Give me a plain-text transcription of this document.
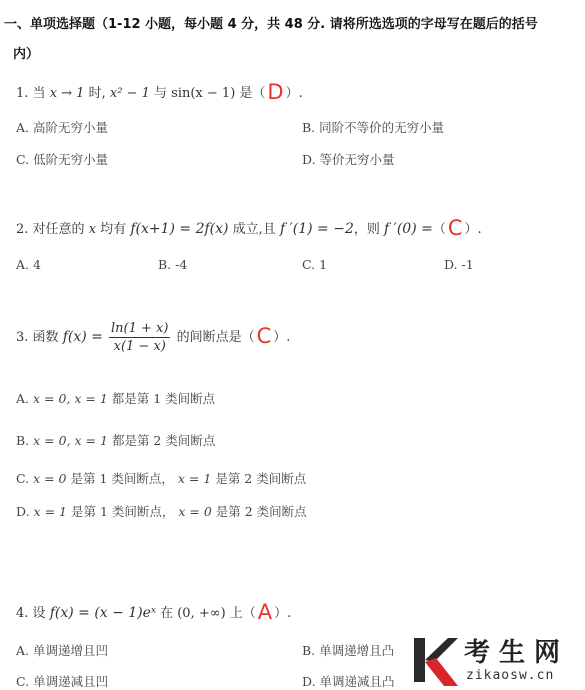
一、单项选择题（1-12 小题，每小题 4 分，共 48 分. 请将所选选项的字母写在题后的括号
内）
1. 当 x → 1 时, x² − 1 与 sin(x − 1) 是（D ）.
A. 高阶无穷小量	B. 同阶不等价的无穷小量
C. 低阶无穷小量	D. 等价无穷小量
2. 对任意的 x 均有 f(x+1) = 2f(x) 成立,且 f ′(1) = −2，则 f ′(0) =（C ）.
A. 4	B. -4	C. 1	D. -1
3. 函数 $f(x) = \frac{\ln(1 + x)}{x(1 - x)}$ 的间断点是（C ）.
A. x = 0, x = 1 都是第 1 类间断点
B. x = 0, x = 1 都是第 2 类间断点
C. x = 0 是第 1 类间断点， x = 1 是第 2 类间断点
D. x = 1 是第 1 类间断点， x = 0 是第 2 类间断点
4. 设 f(x) = (x − 1)eˣ 在 (0, +∞) 上（A ）.
A. 单调递增且凹	B. 单调递增且凸
C. 单调递减且凹	D. 单调递减且凸
考生网
zikaosw.cn
